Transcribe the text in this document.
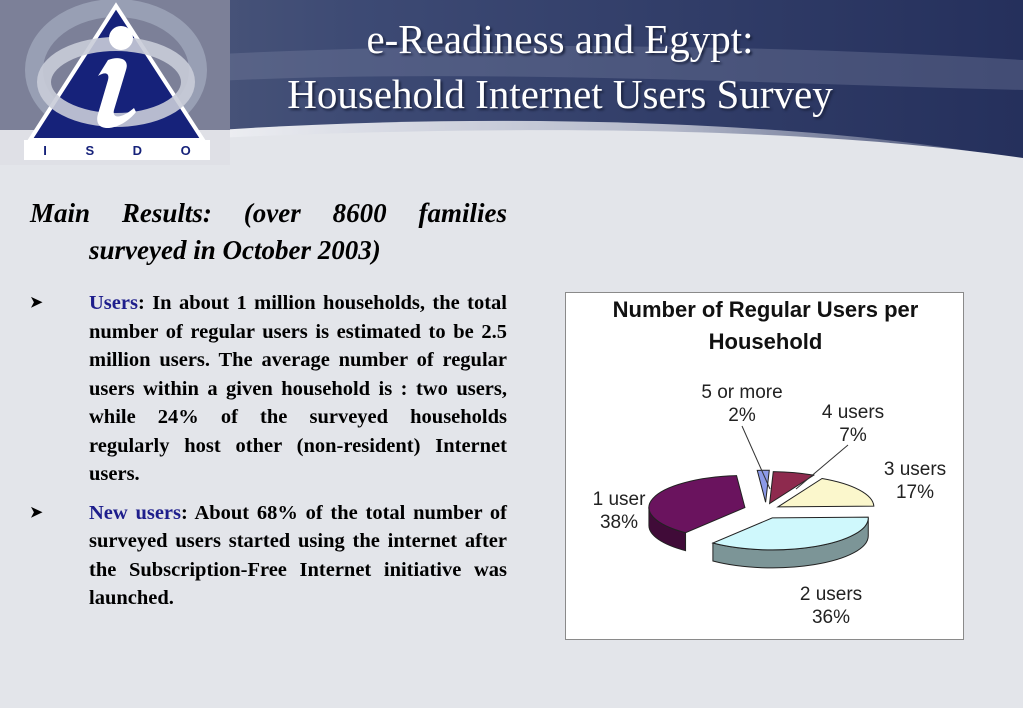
I	S	D	O
e-Readiness and Egypt:
Household Internet Users Survey

Main Results: (over 8600 families surveyed in October 2003)

➤ Users: In about 1 million households, the total number of regular users is estimated to be 2.5 million users. The average number of regular users within a given household is : two users, while 24% of the surveyed households regularly host other (non-resident) Internet users.
➤ New users: About 68% of the total number of surveyed users started using the internet after the Subscription-Free Internet initiative was launched.
Number of Regular Users per
Household
5 or more
2%	4 users
7%
3 users
17%
2 users
36%
1 user
38%
